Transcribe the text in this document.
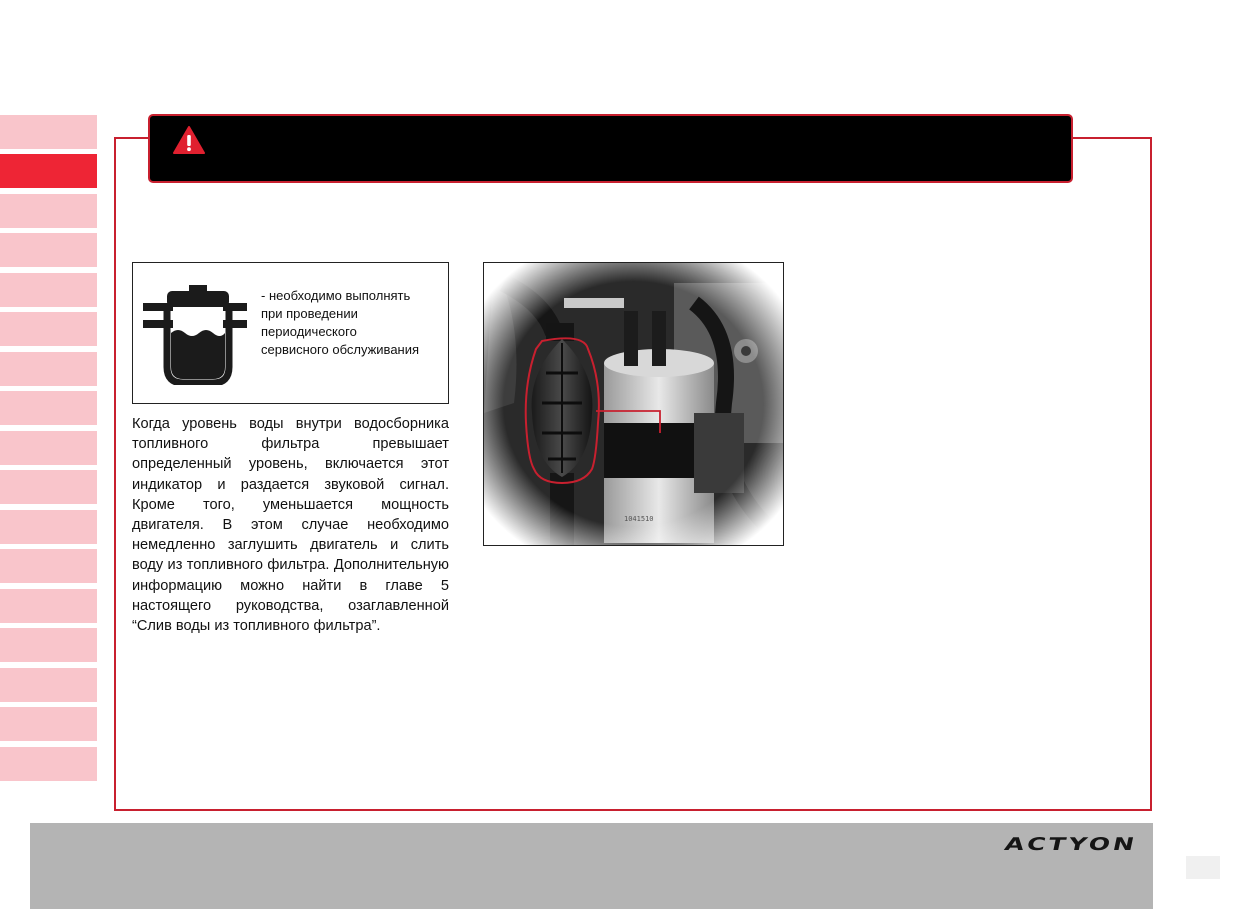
- необходимо выполнять
при проведении
периодического
сервисного обслуживания
Когда уровень воды внутри водосборника топливного фильтра превышает определенный уровень, включается этот индикатор и раздается звуковой сигнал. Кроме того, уменьшается мощность двигателя. В этом случае необходимо немедленно заглушить двигатель и слить воду из топливного фильтра. Дополнительную информацию можно найти в главе 5 настоящего руководства, озаглавленной “Слив воды из топливного фильтра”.
ACTYON
